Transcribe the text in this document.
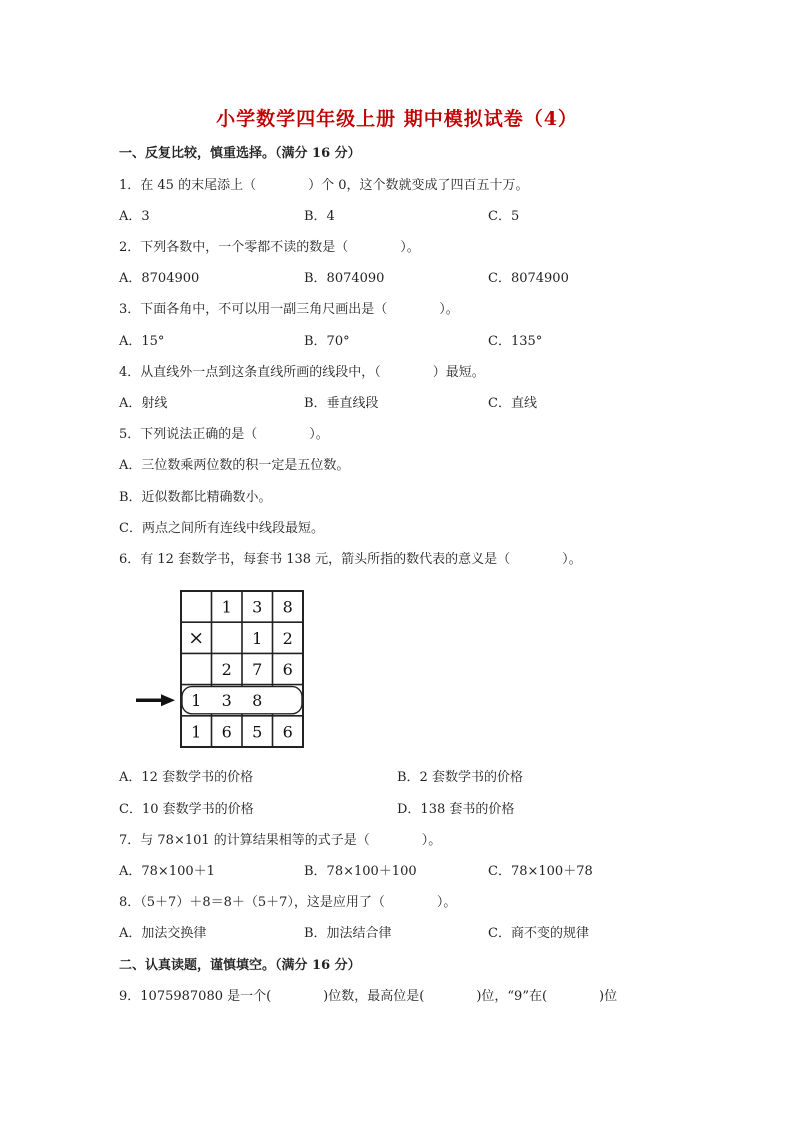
小学数学四年级上册 期中模拟试卷（4）
一、反复比较，慎重选择。（满分 16 分）
1．在 45 的末尾添上（　　　　）个 0，这个数就变成了四百五十万。
A．3	B．4	C．5
2．下列各数中，一个零都不读的数是（　　　　）。
A．8704900	B．8074090	C．8074900
3．下面各角中，不可以用一副三角尺画出是（　　　　）。
A．15°	B．70°	C．135°
4．从直线外一点到这条直线所画的线段中，（　　　　）最短。
A．射线	B．垂直线段	C．直线
5．下列说法正确的是（　　　　）。
A．三位数乘两位数的积一定是五位数。
B．近似数都比精确数小。
C．两点之间所有连线中线段最短。
6．有 12 套数学书，每套书 138 元，箭头所指的数代表的意义是（　　　　）。
1 3 8
×	1 2
2 7 6
1 3 8
1 6 5 6
A．12 套数学书的价格	B．2 套数学书的价格
C．10 套数学书的价格	D．138 套书的价格
7．与 78×101 的计算结果相等的式子是（　　　　）。
A．78×100＋1	B．78×100＋100	C．78×100＋78
8．（5＋7）＋8＝8＋（5＋7），这是应用了（　　　　）。
A．加法交换律	B．加法结合律	C．商不变的规律
二、认真读题，谨慎填空。（满分 16 分）
9．1075987080 是一个(　　　　)位数，最高位是(　　　　)位，“9”在(　　　　)位
